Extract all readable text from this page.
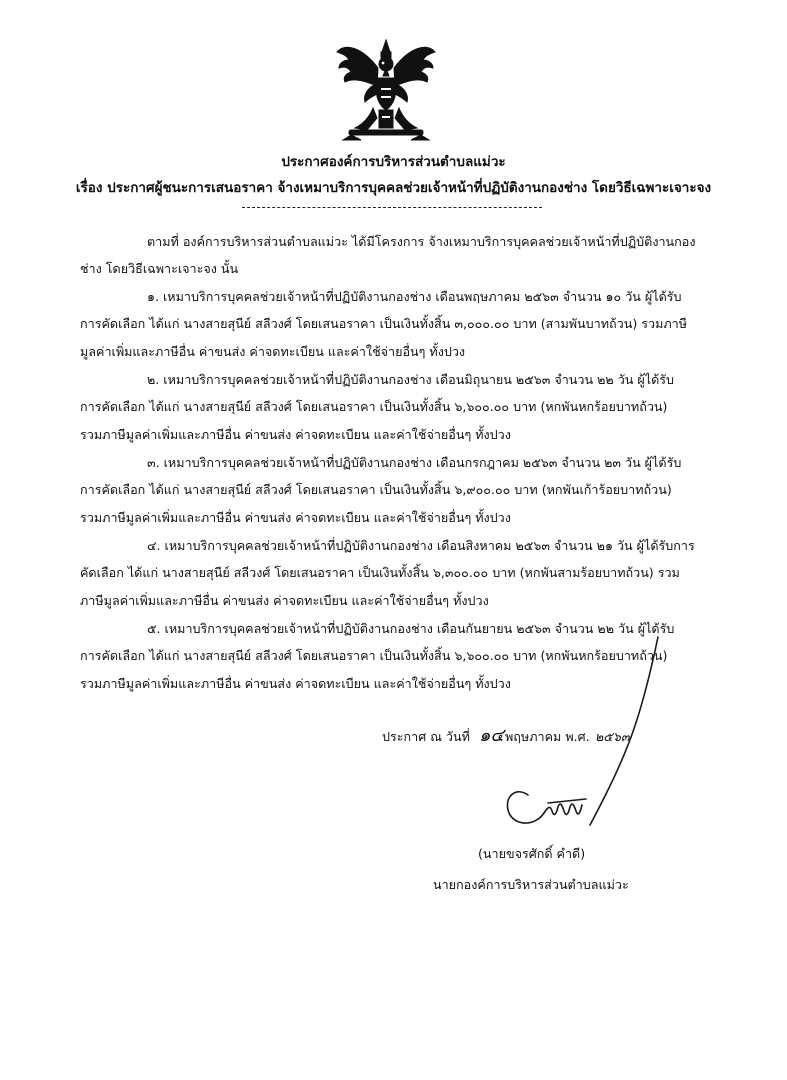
ประกาศองค์การบริหารส่วนตำบลแม่วะ
เรื่อง ประกาศผู้ชนะการเสนอราคา จ้างเหมาบริการบุคคลช่วยเจ้าหน้าที่ปฏิบัติงานกองช่าง โดยวิธีเฉพาะเจาะจง
ตามที่ องค์การบริหารส่วนตำบลแม่วะ ได้มีโครงการ จ้างเหมาบริการบุคคลช่วยเจ้าหน้าที่ปฏิบัติงานกอง
ช่าง โดยวิธีเฉพาะเจาะจง นั้น
๑. เหมาบริการบุคคลช่วยเจ้าหน้าที่ปฏิบัติงานกองช่าง เดือนพฤษภาคม ๒๕๖๓ จำนวน ๑๐ วัน ผู้ได้รับ
การคัดเลือก ได้แก่ นางสายสุนีย์ สลีวงศ์ โดยเสนอราคา เป็นเงินทั้งสิ้น ๓,๐๐๐.๐๐ บาท (สามพันบาทถ้วน) รวมภาษี
มูลค่าเพิ่มและภาษีอื่น ค่าขนส่ง ค่าจดทะเบียน และค่าใช้จ่ายอื่นๆ ทั้งปวง
๒. เหมาบริการบุคคลช่วยเจ้าหน้าที่ปฏิบัติงานกองช่าง เดือนมิถุนายน ๒๕๖๓ จำนวน ๒๒ วัน ผู้ได้รับ
การคัดเลือก ได้แก่ นางสายสุนีย์ สลีวงศ์ โดยเสนอราคา เป็นเงินทั้งสิ้น ๖,๖๐๐.๐๐ บาท (หกพันหกร้อยบาทถ้วน)
รวมภาษีมูลค่าเพิ่มและภาษีอื่น ค่าขนส่ง ค่าจดทะเบียน และค่าใช้จ่ายอื่นๆ ทั้งปวง
๓. เหมาบริการบุคคลช่วยเจ้าหน้าที่ปฏิบัติงานกองช่าง เดือนกรกฎาคม ๒๕๖๓ จำนวน ๒๓ วัน ผู้ได้รับ
การคัดเลือก ได้แก่ นางสายสุนีย์ สลีวงศ์ โดยเสนอราคา เป็นเงินทั้งสิ้น ๖,๙๐๐.๐๐ บาท (หกพันเก้าร้อยบาทถ้วน)
รวมภาษีมูลค่าเพิ่มและภาษีอื่น ค่าขนส่ง ค่าจดทะเบียน และค่าใช้จ่ายอื่นๆ ทั้งปวง
๔. เหมาบริการบุคคลช่วยเจ้าหน้าที่ปฏิบัติงานกองช่าง เดือนสิงหาคม ๒๕๖๓ จำนวน ๒๑ วัน ผู้ได้รับการ
คัดเลือก ได้แก่ นางสายสุนีย์ สลีวงศ์ โดยเสนอราคา เป็นเงินทั้งสิ้น ๖,๓๐๐.๐๐ บาท (หกพันสามร้อยบาทถ้วน) รวม
ภาษีมูลค่าเพิ่มและภาษีอื่น ค่าขนส่ง ค่าจดทะเบียน และค่าใช้จ่ายอื่นๆ ทั้งปวง
๕. เหมาบริการบุคคลช่วยเจ้าหน้าที่ปฏิบัติงานกองช่าง เดือนกันยายน ๒๕๖๓ จำนวน ๒๒ วัน ผู้ได้รับ
การคัดเลือก ได้แก่ นางสายสุนีย์ สลีวงศ์ โดยเสนอราคา เป็นเงินทั้งสิ้น ๖,๖๐๐.๐๐ บาท (หกพันหกร้อยบาทถ้วน)
รวมภาษีมูลค่าเพิ่มและภาษีอื่น ค่าขนส่ง ค่าจดทะเบียน และค่าใช้จ่ายอื่นๆ ทั้งปวง
ประกาศ ณ วันที่ ๑๔ พฤษภาคม พ.ศ. ๒๕๖๓
(นายขจรศักดิ์ คำดี)
นายกองค์การบริหารส่วนตำบลแม่วะ
